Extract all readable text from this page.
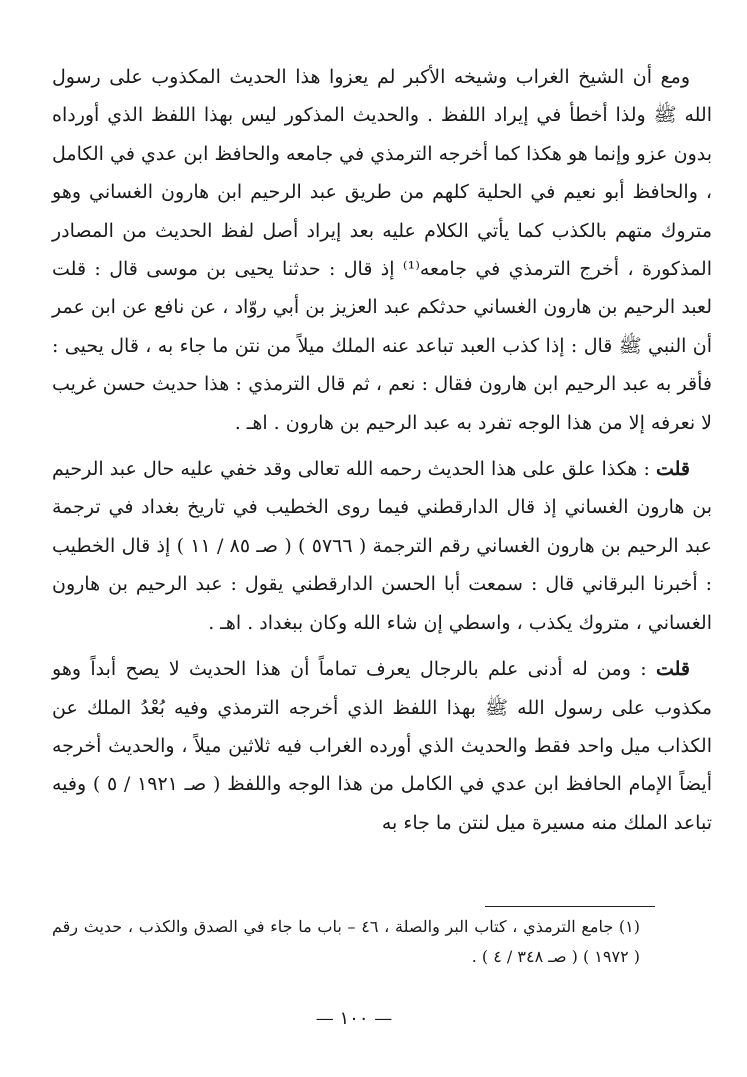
ومع أن الشيخ الغراب وشيخه الأكبر لم يعزوا هذا الحديث المكذوب على رسول الله ﷺ ولذا أخطأ في إيراد اللفظ . والحديث المذكور ليس بهذا اللفظ الذي أورداه بدون عزو وإنما هو هكذا كما أخرجه الترمذي في جامعه والحافظ ابن عدي في الكامل ، والحافظ أبو نعيم في الحلية كلهم من طريق عبد الرحيم ابن هارون الغساني وهو متروك متهم بالكذب كما يأتي الكلام عليه بعد إيراد أصل لفظ الحديث من المصادر المذكورة ، أخرج الترمذي في جامعه⁽¹⁾ إذ قال : حدثنا يحيى بن موسى قال : قلت لعبد الرحيم بن هارون الغساني حدثكم عبد العزيز بن أبي روّاد ، عن نافع عن ابن عمر أن النبي ﷺ قال : إذا كذب العبد تباعد عنه الملك ميلاً من نتن ما جاء به ، قال يحيى : فأقر به عبد الرحيم ابن هارون فقال : نعم ، ثم قال الترمذي : هذا حديث حسن غريب لا نعرفه إلا من هذا الوجه تفرد به عبد الرحيم بن هارون . اهـ .

قلت : هكذا علق على هذا الحديث رحمه الله تعالى وقد خفي عليه حال عبد الرحيم بن هارون الغساني إذ قال الدارقطني فيما روى الخطيب في تاريخ بغداد في ترجمة عبد الرحيم بن هارون الغساني رقم الترجمة ( ٥٧٦٦ ) ( صـ ٨٥ / ١١ ) إذ قال الخطيب : أخبرنا البرقاني قال : سمعت أبا الحسن الدارقطني يقول : عبد الرحيم بن هارون الغساني ، متروك يكذب ، واسطي إن شاء الله وكان ببغداد . اهـ .

قلت : ومن له أدنى علم بالرجال يعرف تماماً أن هذا الحديث لا يصح أبداً وهو مكذوب على رسول الله ﷺ بهذا اللفظ الذي أخرجه الترمذي وفيه بُعْدُ الملك عن الكذاب ميل واحد فقط والحديث الذي أورده الغراب فيه ثلاثين ميلاً ، والحديث أخرجه أيضاً الإمام الحافظ ابن عدي في الكامل من هذا الوجه واللفظ ( صـ ١٩٢١ / ٥ ) وفيه تباعد الملك منه مسيرة ميل لنتن ما جاء به

(١) جامع الترمذي ، كتاب البر والصلة ، ٤٦ – باب ما جاء في الصدق والكذب ، حديث رقم ( ١٩٧٢ ) ( صـ ٣٤٨ / ٤ ) .
— ١٠٠ —
